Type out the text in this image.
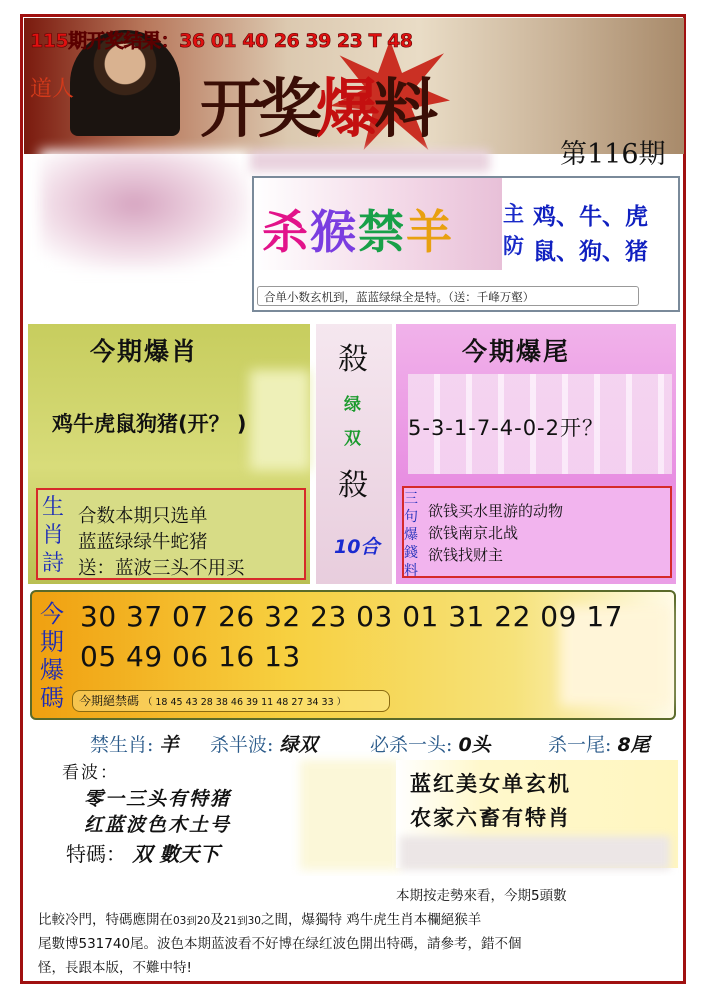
道人 开奖爆料
115期开奖结果：36 01 40 26 39 23 T 48
第116期
杀猴禁羊 主
防
鸡、牛、虎
鼠、狗、猪
合单小数玄机到，蓝蓝绿绿全是特。（送：千峰万壑）
今期爆肖
鸡牛虎鼠狗猪(开？ )
生
肖
詩
合数本期只选单
蓝蓝绿绿牛蛇猪
送：蓝波三头不用买
殺
绿
双
殺
10合
今期爆尾
5-3-1-7-4-0-2开？
三
句
爆
錢
料
欲钱买水里游的动物
欲钱南京北战
欲钱找财主
今
期
爆
碼
30 37 07 26 32 23 03 01 31 22 09 17
05 49 06 16 13
今期絕禁碼 （ 18 45 43 28 38 46 39 11 48 27 34 33 ）
禁生肖: 羊 杀半波: 绿双	必杀一头: 0头	杀一尾: 8尾
看波：
零一三头有特猪
红蓝波色木土号
特碼： 双 數天下
蓝红美女单玄机
农家六畜有特肖
本期按走勢來看，今期5頭數
比較冷門，特碼應開在03到20及21到30之間，爆獨特 鸡牛虎生肖本欄絕猴羊
尾數博531740尾。波色本期蓝波看不好博在绿红波色開出特碼，請參考，錯不個
怪，長跟本版，不難中特!
